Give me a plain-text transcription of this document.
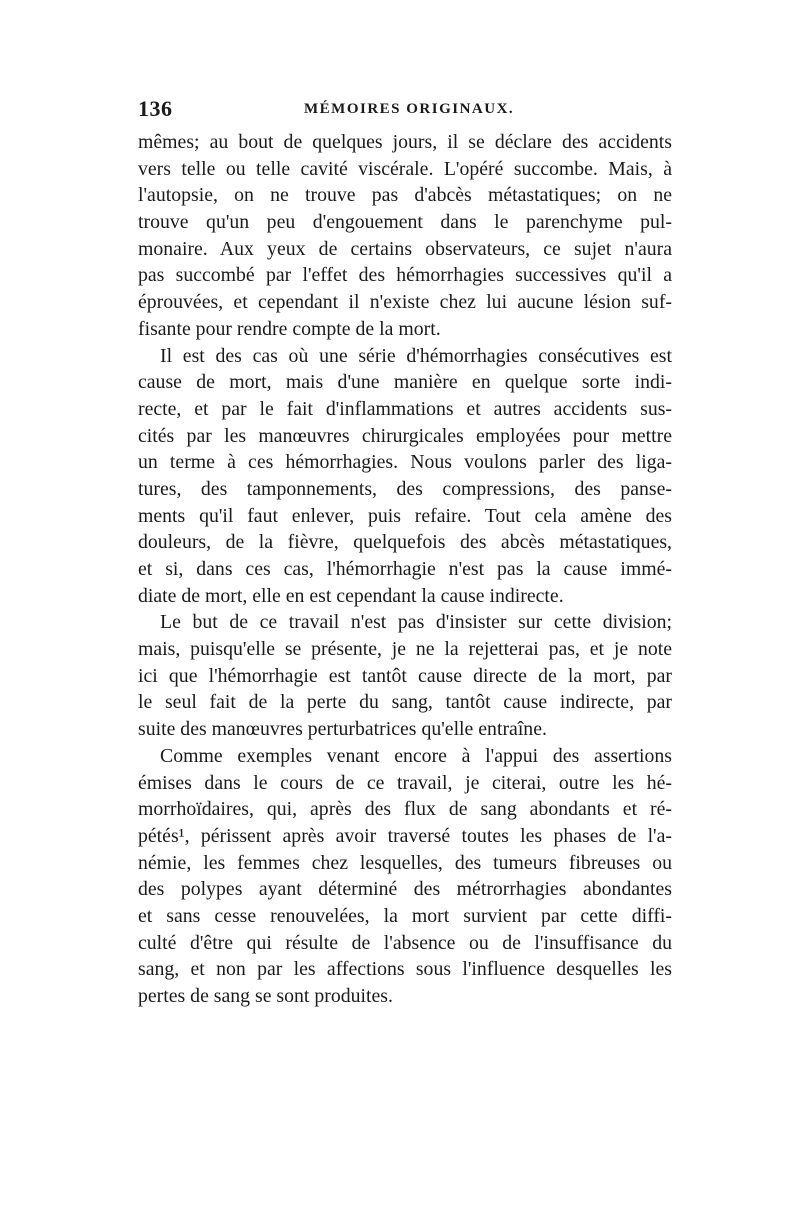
136	MÉMOIRES ORIGINAUX.
mêmes; au bout de quelques jours, il se déclare des accidents
vers telle ou telle cavité viscérale. L'opéré succombe. Mais, à
l'autopsie, on ne trouve pas d'abcès métastatiques; on ne
trouve qu'un peu d'engouement dans le parenchyme pul-
monaire. Aux yeux de certains observateurs, ce sujet n'aura
pas succombé par l'effet des hémorrhagies successives qu'il a
éprouvées, et cependant il n'existe chez lui aucune lésion suf-
fisante pour rendre compte de la mort.
Il est des cas où une série d'hémorrhagies consécutives est
cause de mort, mais d'une manière en quelque sorte indi-
recte, et par le fait d'inflammations et autres accidents sus-
cités par les manœuvres chirurgicales employées pour mettre
un terme à ces hémorrhagies. Nous voulons parler des liga-
tures, des tamponnements, des compressions, des panse-
ments qu'il faut enlever, puis refaire. Tout cela amène des
douleurs, de la fièvre, quelquefois des abcès métastatiques,
et si, dans ces cas, l'hémorrhagie n'est pas la cause immé-
diate de mort, elle en est cependant la cause indirecte.
Le but de ce travail n'est pas d'insister sur cette division;
mais, puisqu'elle se présente, je ne la rejetterai pas, et je note
ici que l'hémorrhagie est tantôt cause directe de la mort, par
le seul fait de la perte du sang, tantôt cause indirecte, par
suite des manœuvres perturbatrices qu'elle entraîne.
Comme exemples venant encore à l'appui des assertions
émises dans le cours de ce travail, je citerai, outre les hé-
morrhoïdaires, qui, après des flux de sang abondants et ré-
pétés¹, périssent après avoir traversé toutes les phases de l'a-
némie, les femmes chez lesquelles, des tumeurs fibreuses ou
des polypes ayant déterminé des métrorrhagies abondantes
et sans cesse renouvelées, la mort survient par cette diffi-
culté d'être qui résulte de l'absence ou de l'insuffisance du
sang, et non par les affections sous l'influence desquelles les
pertes de sang se sont produites.
